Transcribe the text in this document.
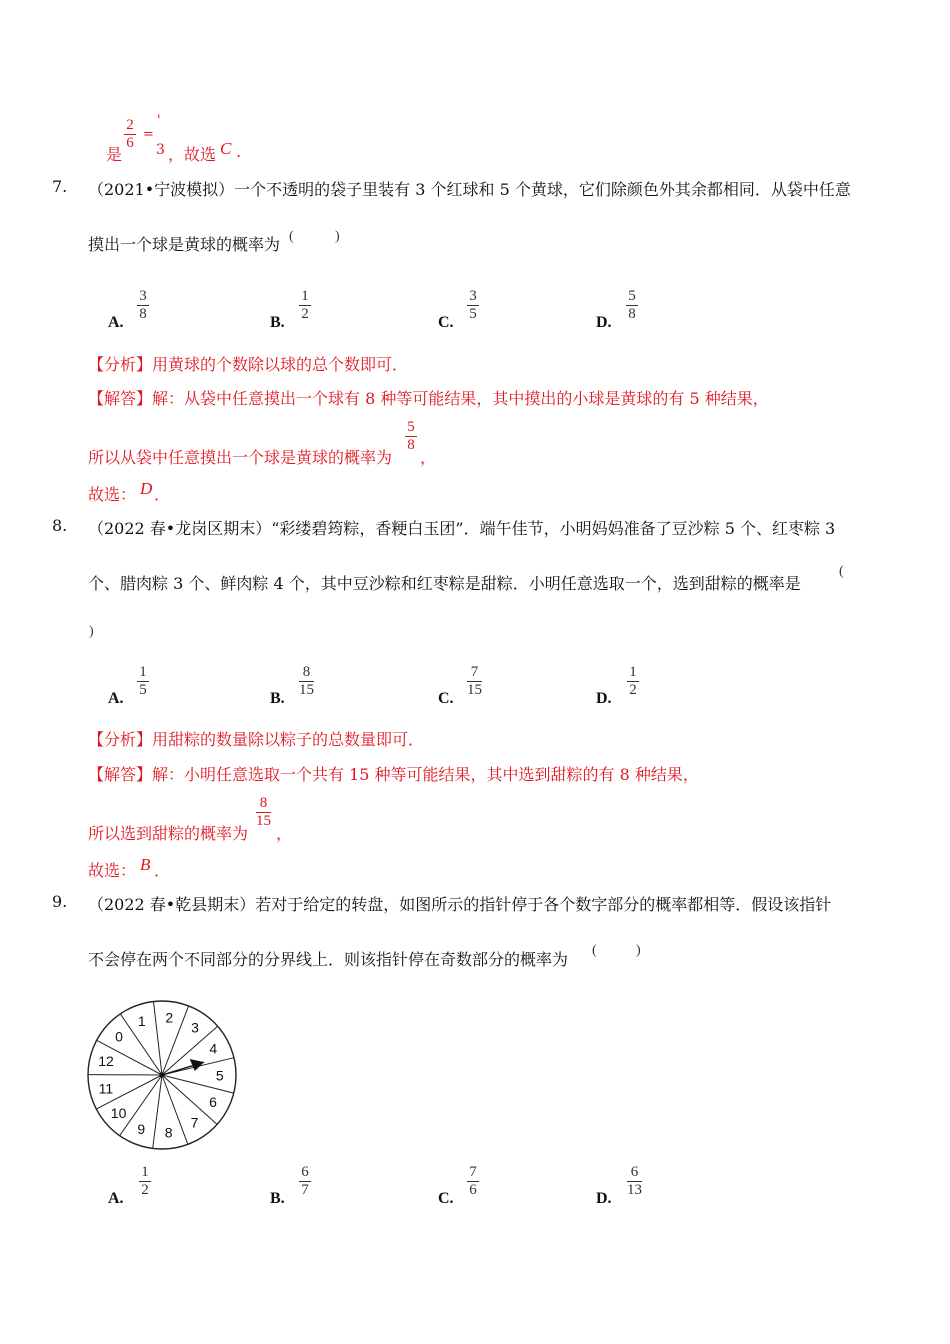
2
6
=
'
3
是	，故选 C .
7.	（2021•宁波模拟）一个不透明的袋子里装有 3 个红球和 5 个黄球，它们除颜色外其余都相同．从袋中任意
摸出一个球是黄球的概率为 (	)
A.
3
8	B.
1
2	C.
3
5	D.
5
8
【分析】用黄球的个数除以球的总个数即可．
【解答】解：从袋中任意摸出一个球有 8 种等可能结果，其中摸出的小球是黄球的有 5 种结果，
所以从袋中任意摸出一个球是黄球的概率为
5
8
，
故选： D ．
8.	（2022 春•龙岗区期末）“彩缕碧筠粽，香粳白玉团”．端午佳节，小明妈妈准备了豆沙粽 5 个、红枣粽 3
个、腊肉粽 3 个、鲜肉粽 4 个，其中豆沙粽和红枣粽是甜粽．小明任意选取一个，选到甜粽的概率是
(
)
A.
1
5	B.
8
15	C.
7
15	D.
1
2
【分析】用甜粽的数量除以粽子的总数量即可．
【解答】解：小明任意选取一个共有 15 种等可能结果，其中选到甜粽的有 8 种结果，
所以选到甜粽的概率为
8
15
，
故选： B ．
9.	（2022 春•乾县期末）若对于给定的转盘，如图所示的指针停于各个数字部分的概率都相等．假设该指针
不会停在两个不同部分的分界线上．则该指针停在奇数部分的概率为 (	)
12
0
1 2
3
4
5
6
7
8
9
10
11
A.
1
2	B.
6
7	C.
7
6	D.
6
13
